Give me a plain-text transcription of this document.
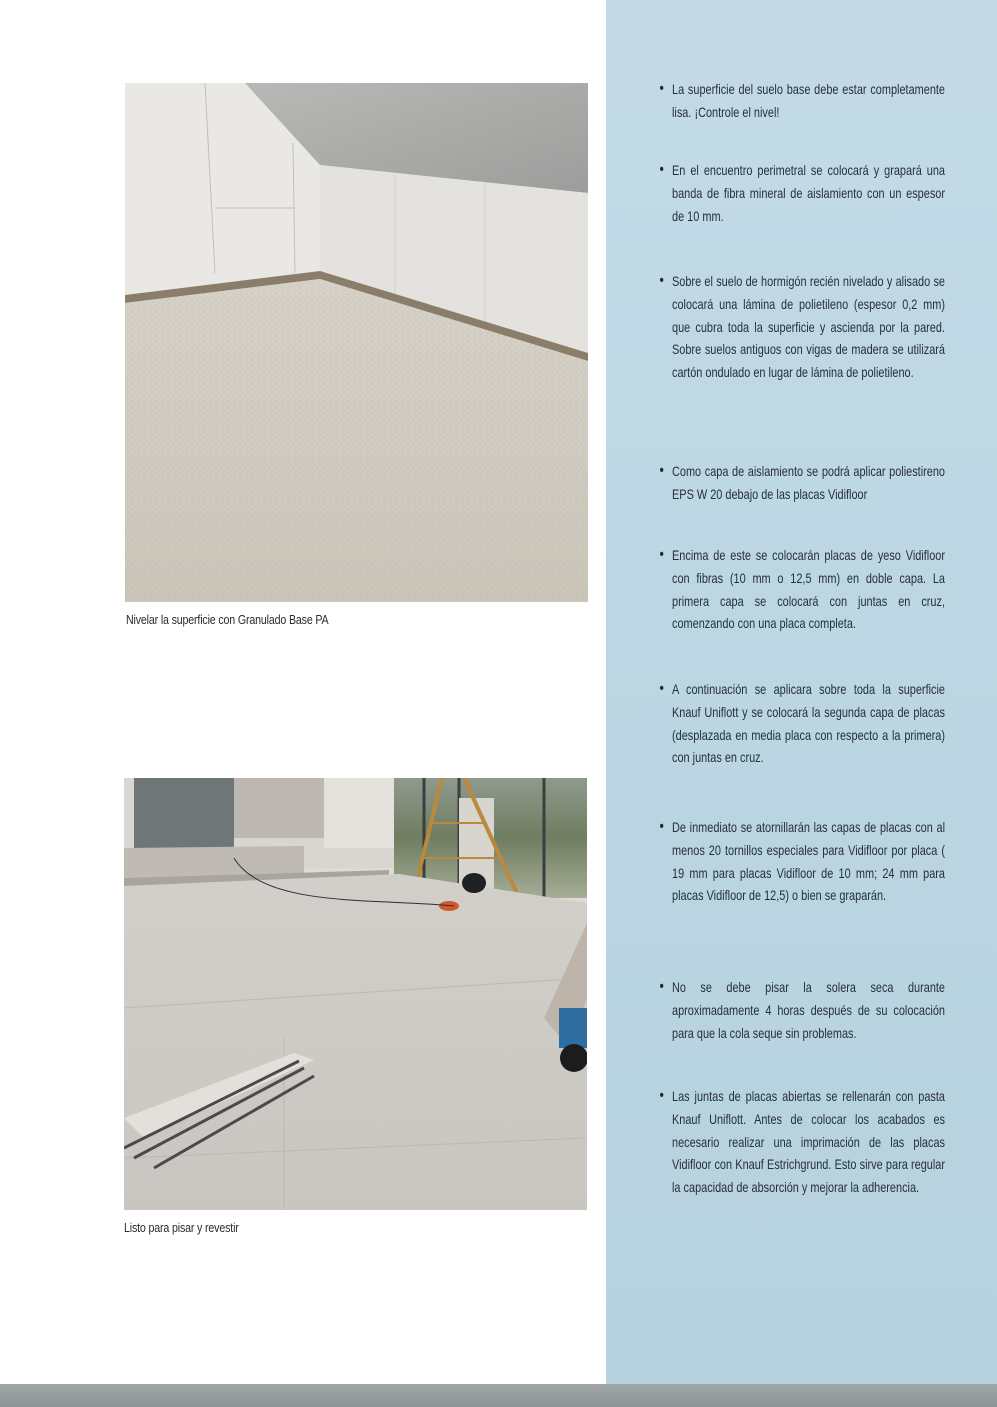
Nivelar la superficie con Granulado Base PA
Listo para pisar y revestir
• La superficie del suelo base debe estar completamente lisa. ¡Controle el nivel!
• En el encuentro perimetral se colocará y grapará una banda de fibra mineral de aislamiento con un espesor de 10 mm.
• Sobre el suelo de hormigón recién nivelado y alisado se colocará una lámina de polietileno (espesor 0,2 mm) que cubra toda la superficie y ascienda por la pared. Sobre suelos antiguos con vigas de madera se utilizará cartón ondulado en lugar de lámina de polietileno.
• Como capa de aislamiento se podrá aplicar poliestireno EPS W 20 debajo de las placas Vidifloor
• Encima de este se colocarán placas de yeso Vidifloor con fibras (10 mm o 12,5 mm) en doble capa. La primera capa se colocará con juntas en cruz, comenzando con una placa completa.
• A continuación se aplicara sobre toda la superficie Knauf Uniflott y se colocará la segunda capa de placas (desplazada en media placa con respecto a la primera) con juntas en cruz.
• De inmediato se atornillarán las capas de placas con al menos 20 tornillos especiales para Vidifloor por placa ( 19 mm para placas Vidifloor de 10 mm; 24 mm para placas Vidifloor de 12,5) o bien se graparán.
• No se debe pisar la solera seca durante aproximadamente 4 horas después de su colocación para que la cola seque sin problemas.
• Las juntas de placas abiertas se rellenarán con pasta Knauf Uniflott. Antes de colocar los acabados es necesario realizar una imprimación de las placas Vidifloor con Knauf Estrichgrund. Esto sirve para regular la capacidad de absorción y mejorar la adherencia.
